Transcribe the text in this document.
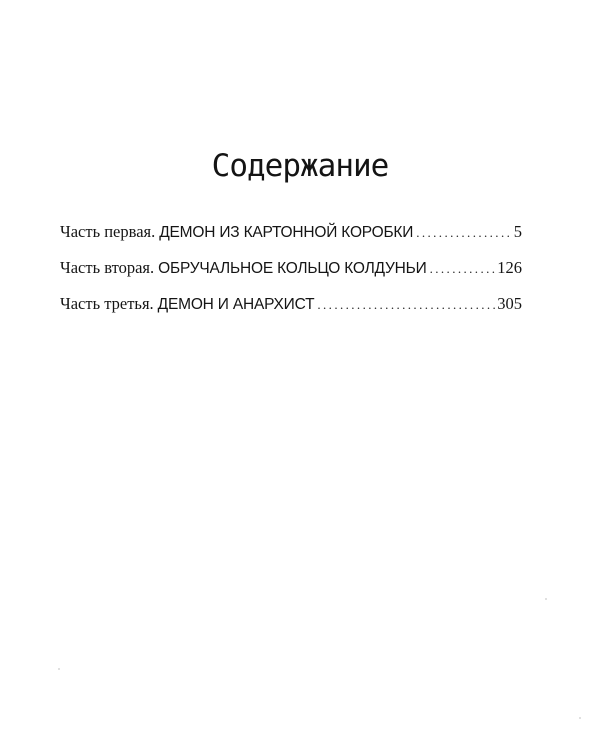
Содержание
Часть первая. ДЕМОН ИЗ КАРТОННОЙ КОРОБКИ .....	5
Часть вторая. ОБРУЧАЛЬНОЕ КОЛЬЦО КОЛДУНЬИ .....	126
Часть третья. ДЕМОН И АНАРХИСТ .....	305
